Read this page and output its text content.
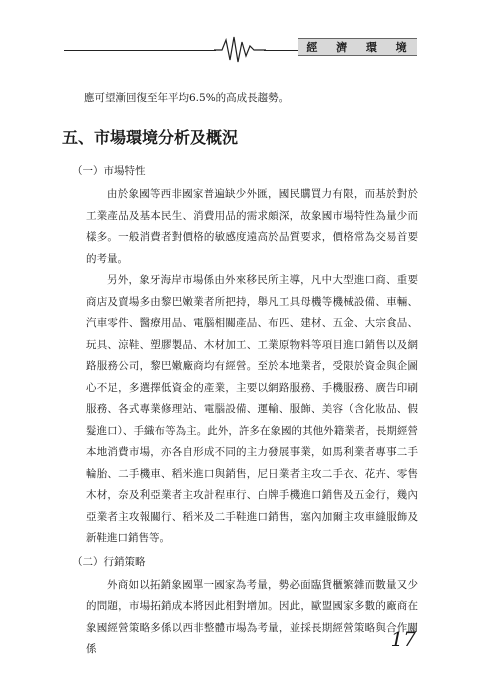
經 濟 環 境

應可望漸回復至年平均6.5%的高成長趨勢。

五、市場環境分析及概況
（一）市場特性

由於象國等西非國家普遍缺少外匯，國民購買力有限，而基於對於工業產品及基本民生、消費用品的需求頗深，故象國市場特性為量少而樣多。一般消費者對價格的敏感度遠高於品質要求，價格常為交易首要的考量。

另外，象牙海岸市場係由外來移民所主導，凡中大型進口商、重要商店及賣場多由黎巴嫩業者所把持，舉凡工具母機等機械設備、車輛、汽車零件、醫療用品、電腦相關產品、布匹、建材、五金、大宗食品、玩具、涼鞋、塑膠製品、木材加工、工業原物料等項目進口銷售以及網路服務公司，黎巴嫩廠商均有經營。至於本地業者，受限於資金與企圖心不足，多選擇低資金的產業，主要以網路服務、手機服務、廣告印刷服務、各式專業修理站、電腦設備、運輸、服飾、美容（含化妝品、假髮進口）、手織布等為主。此外，許多在象國的其他外籍業者，長期經營本地消費市場，亦各自形成不同的主力發展事業，如馬利業者專事二手輪胎、二手機車、稻米進口與銷售，尼日業者主攻二手衣、花卉、零售木材，奈及利亞業者主攻計程車行、白牌手機進口銷售及五金行，幾內亞業者主攻報關行、稻米及二手鞋進口銷售，塞內加爾主攻車縫服飾及新鞋進口銷售等。

（二）行銷策略

外商如以拓銷象國單一國家為考量，勢必面臨貨櫃繁雜而數量又少的問題，市場拓銷成本將因此相對增加。因此，歐盟國家多數的廠商在象國經營策略多係以西非整體市場為考量，並採長期經營策略與合作關係	17
